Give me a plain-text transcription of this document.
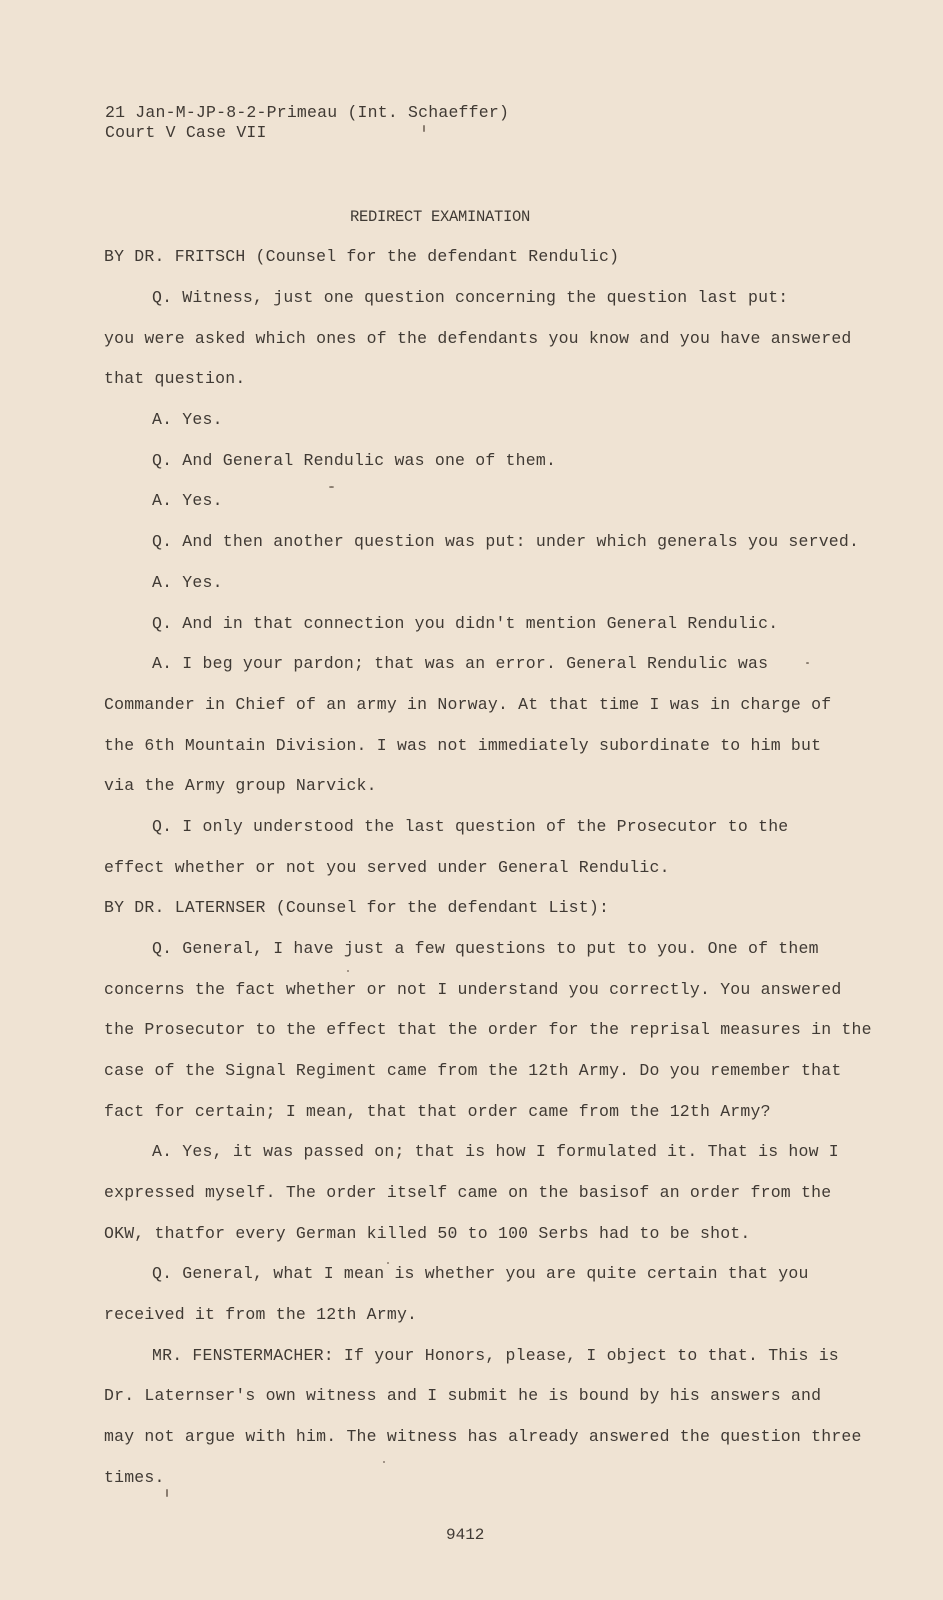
21 Jan-M-JP-8-2-Primeau (Int. Schaeffer)
Court V Case VII
REDIRECT EXAMINATION
BY DR. FRITSCH (Counsel for the defendant Rendulic)
Q. Witness, just one question concerning the question last put:
you were asked which ones of the defendants you know and you have answered
that question.
A. Yes.
Q. And General Rendulic was one of them.
A. Yes.
Q. And then another question was put: under which generals you served.
A. Yes.
Q. And in that connection you didn't mention General Rendulic.
A. I beg your pardon; that was an error. General Rendulic was
Commander in Chief of an army in Norway. At that time I was in charge of
the 6th Mountain Division. I was not immediately subordinate to him but
via the Army group Narvick.
Q. I only understood the last question of the Prosecutor to the
effect whether or not you served under General Rendulic.
BY DR. LATERNSER (Counsel for the defendant List):
Q. General, I have just a few questions to put to you. One of them
concerns the fact whether or not I understand you correctly. You answered
the Prosecutor to the effect that the order for the reprisal measures in the
case of the Signal Regiment came from the 12th Army. Do you remember that
fact for certain; I mean, that that order came from the 12th Army?
A. Yes, it was passed on; that is how I formulated it. That is how I
expressed myself. The order itself came on the basisof an order from the
OKW, thatfor every German killed 50 to 100 Serbs had to be shot.
Q. General, what I mean is whether you are quite certain that you
received it from the 12th Army.
MR. FENSTERMACHER: If your Honors, please, I object to that. This is
Dr. Laternser's own witness and I submit he is bound by his answers and
may not argue with him. The witness has already answered the question three
times.
9412
